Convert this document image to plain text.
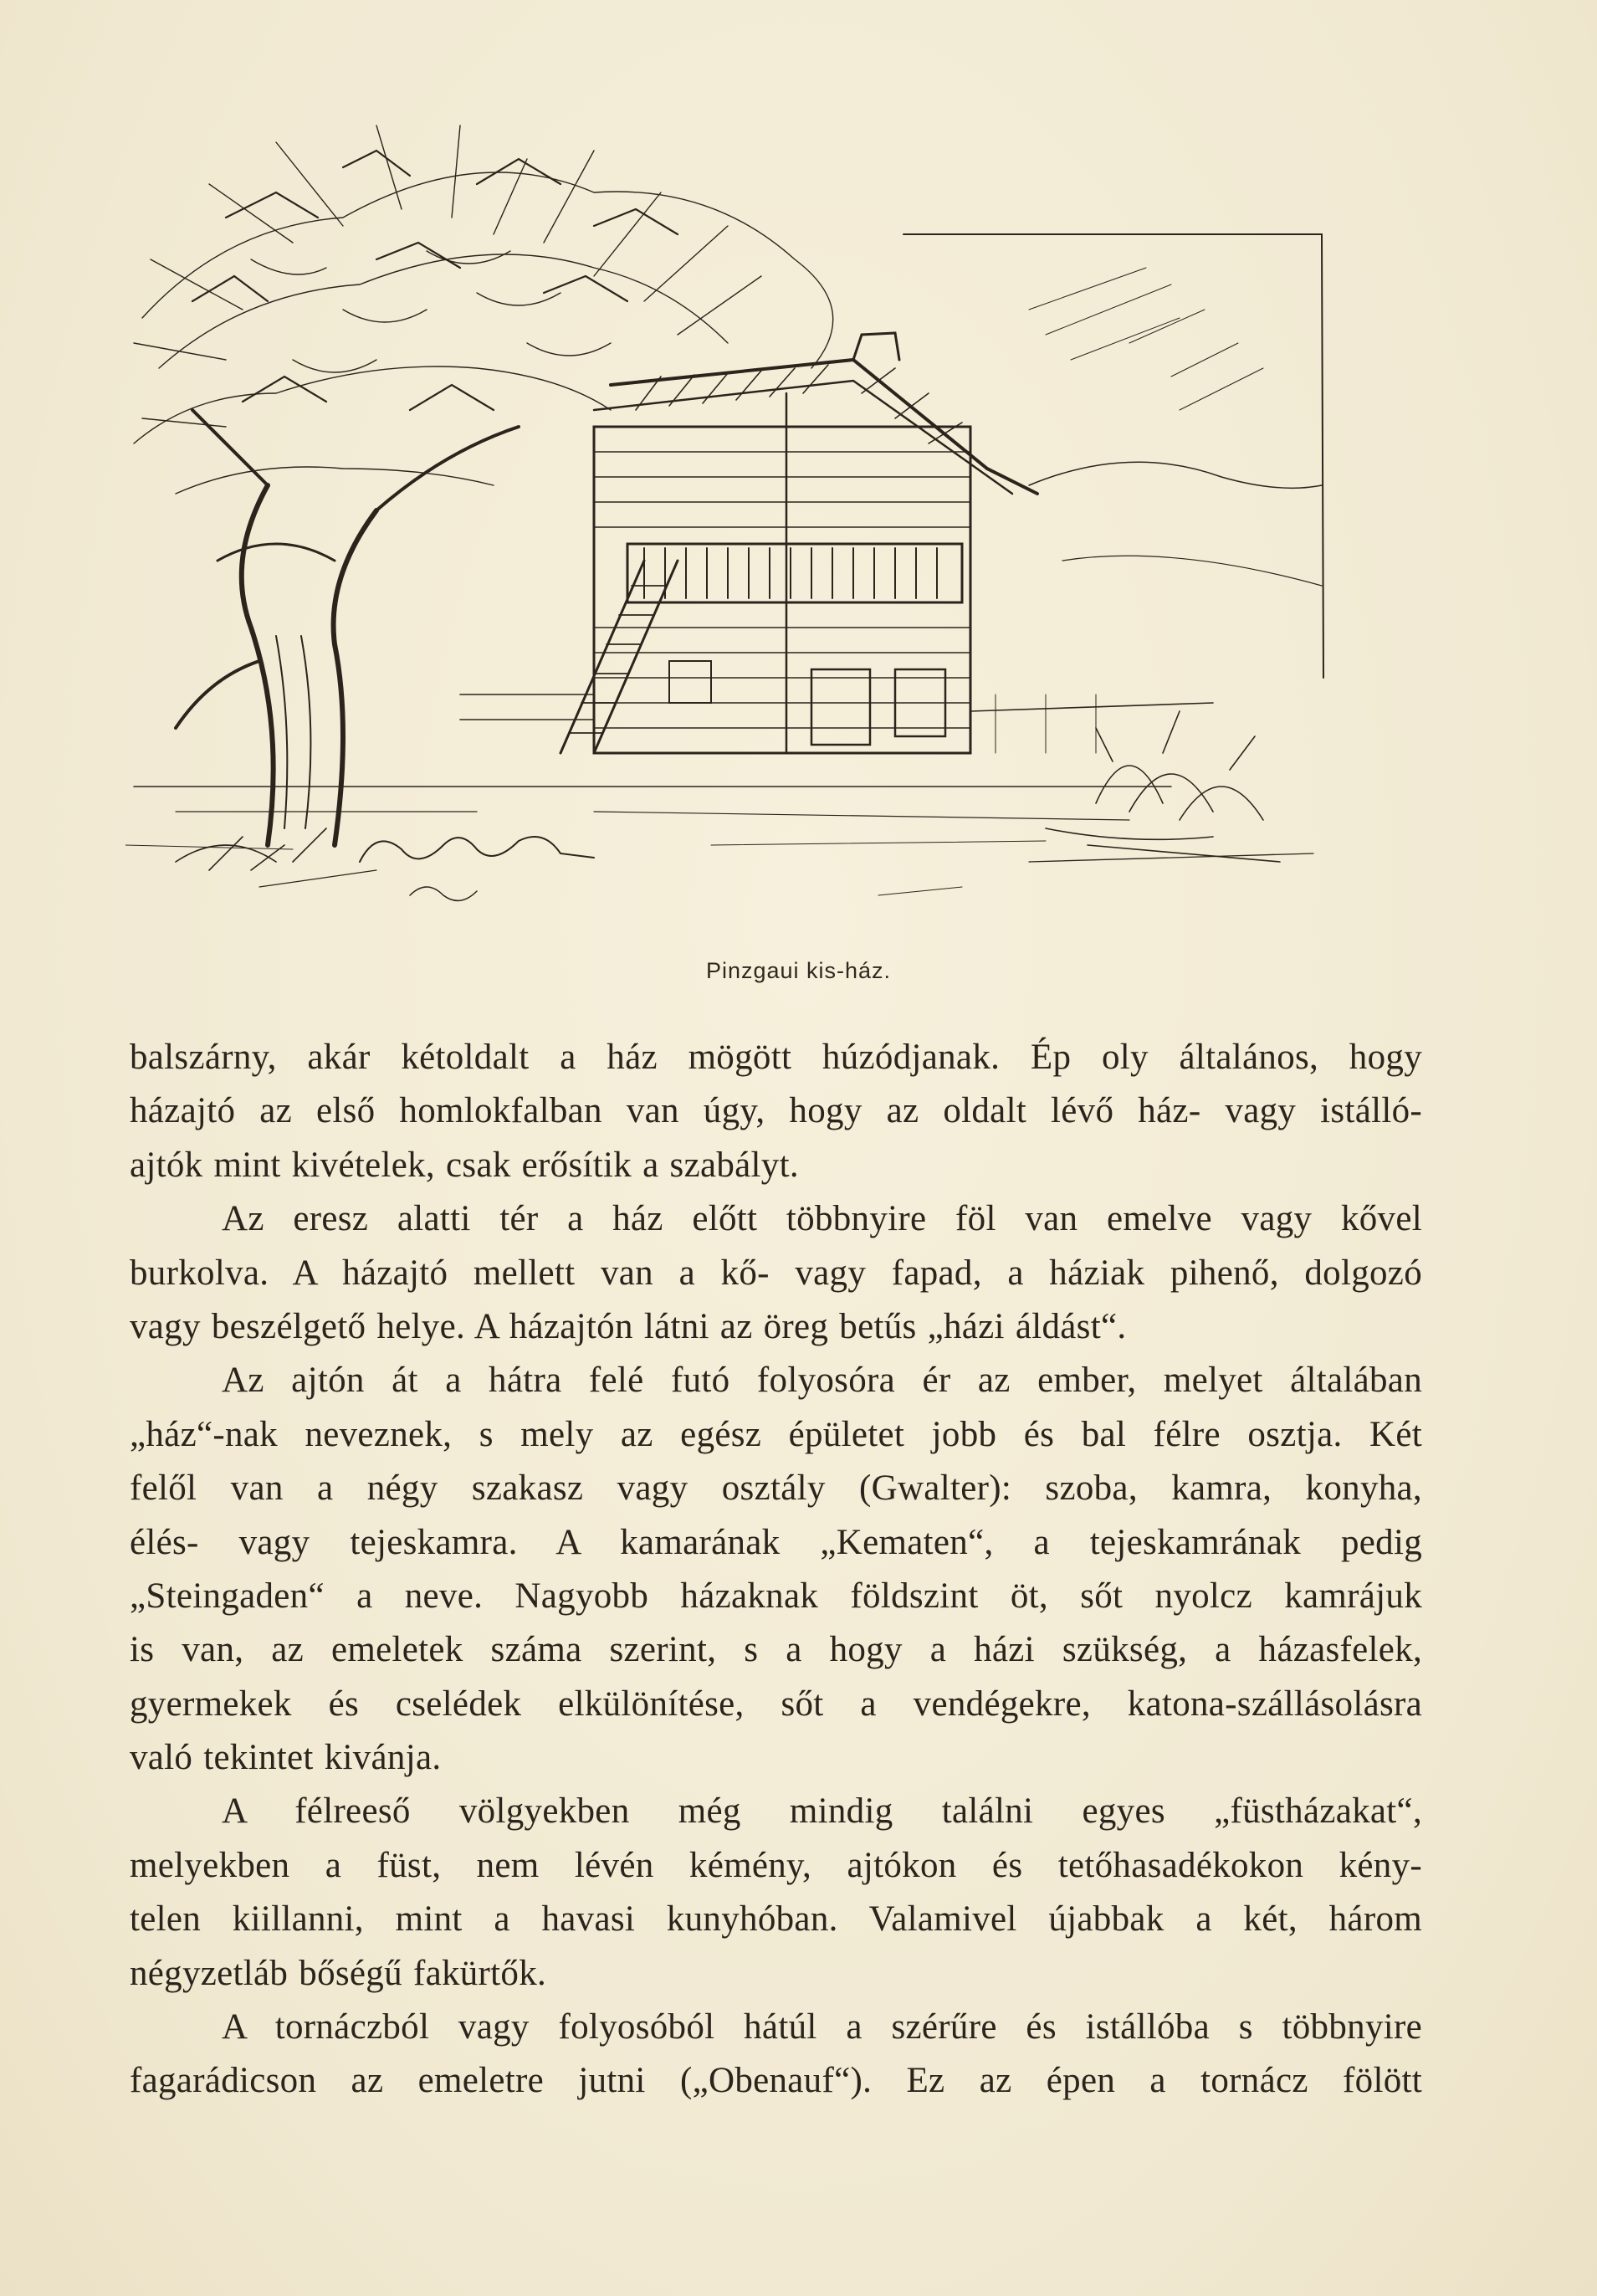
Pinzgaui kis-ház.
balszárny, akár kétoldalt a ház mögött húzódjanak. Ép oly általános, hogy
házajtó az első homlokfalban van úgy, hogy az oldalt lévő ház- vagy istálló-
ajtók mint kivételek, csak erősítik a szabályt.
Az eresz alatti tér a ház előtt többnyire föl van emelve vagy kővel
burkolva. A házajtó mellett van a kő- vagy fapad, a háziak pihenő, dolgozó
vagy beszélgető helye. A házajtón látni az öreg betűs „házi áldást“.
Az ajtón át a hátra felé futó folyosóra ér az ember, melyet általában
„ház“-nak neveznek, s mely az egész épületet jobb és bal félre osztja. Két
felől van a négy szakasz vagy osztály (Gwalter): szoba, kamra, konyha,
élés- vagy tejeskamra. A kamarának „Kematen“, a tejeskamrának pedig
„Steingaden“ a neve. Nagyobb házaknak földszint öt, sőt nyolcz kamrájuk
is van, az emeletek száma szerint, s a hogy a házi szükség, a házasfelek,
gyermekek és cselédek elkülönítése, sőt a vendégekre, katona-szállásolásra
való tekintet kivánja.
A félreeső völgyekben még mindig találni egyes „füstházakat“,
melyekben a füst, nem lévén kémény, ajtókon és tetőhasadékokon kény-
telen kiillanni, mint a havasi kunyhóban. Valamivel újabbak a két, három
négyzetláb bőségű fakürtők.
A tornáczból vagy folyosóból hátúl a szérűre és istállóba s többnyire
fagarádicson az emeletre jutni („Obenauf“). Ez az épen a tornácz fölött
